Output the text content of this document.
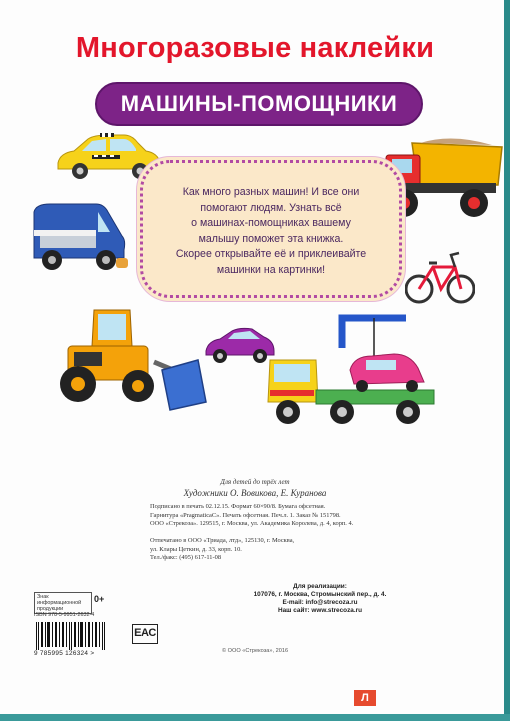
Многоразовые наклейки
МАШИНЫ-ПОМОЩНИКИ
Как много разных машин! И все они
помогают людям. Узнать всё
о машинах-помощниках вашему
малышу поможет эта книжка.
Скорее открывайте её и приклеивайте
машинки на картинки!
Для детей до трёх лет
Художники О. Вовикова, Е. Куранова
Подписано в печать 02.12.15. Формат 60×90/8. Бумага офсетная.
Гарнитура «PragmaticaC». Печать офсетная. Печ.л. 1. Заказ № 151798.
ООО «Стрекоза». 129515, г. Москва, ул. Академика Королева, д. 4, корп. 4.
Отпечатано в ООО «Триада, лтд», 125130, г. Москва,
ул. Клары Цеткин, д. 33, корп. 10.
Тел./факс: (495) 617-11-08
Для реализации:
107076, г. Москва, Стромынский пер., д. 4.
E-mail: info@strecoza.ru
Наш сайт: www.strecoza.ru
Знак информационной продукции
0+
ISBN 978-5-9951-2632-4
9 785995 126324 >
EAC
© ООО «Стрекоза», 2016
Л
